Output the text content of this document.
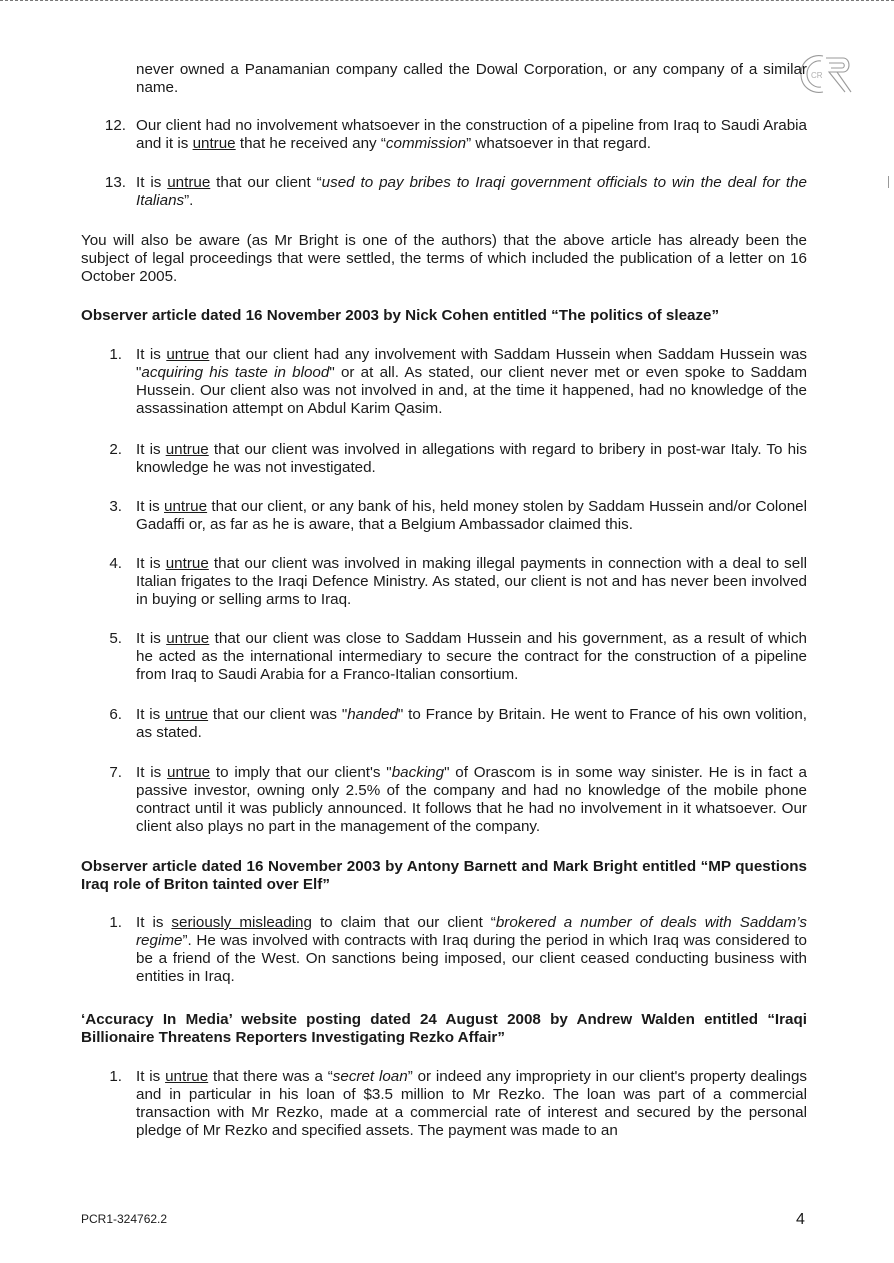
CR

never owned a Panamanian company called the Dowal Corporation, or any company of a similar name.

12. Our client had no involvement whatsoever in the construction of a pipeline from Iraq to Saudi Arabia and it is untrue that he received any “commission” whatsoever in that regard.

13. It is untrue that our client “used to pay bribes to Iraqi government officials to win the deal for the Italians”.

You will also be aware (as Mr Bright is one of the authors) that the above article has already been the subject of legal proceedings that were settled, the terms of which included the publication of a letter on 16 October 2005.

Observer article dated 16 November 2003 by Nick Cohen entitled “The politics of sleaze”

1. It is untrue that our client had any involvement with Saddam Hussein when Saddam Hussein was "acquiring his taste in blood" or at all. As stated, our client never met or even spoke to Saddam Hussein. Our client also was not involved in and, at the time it happened, had no knowledge of the assassination attempt on Abdul Karim Qasim.

2. It is untrue that our client was involved in allegations with regard to bribery in post-war Italy. To his knowledge he was not investigated.

3. It is untrue that our client, or any bank of his, held money stolen by Saddam Hussein and/or Colonel Gadaffi or, as far as he is aware, that a Belgium Ambassador claimed this.

4. It is untrue that our client was involved in making illegal payments in connection with a deal to sell Italian frigates to the Iraqi Defence Ministry. As stated, our client is not and has never been involved in buying or selling arms to Iraq.

5. It is untrue that our client was close to Saddam Hussein and his government, as a result of which he acted as the international intermediary to secure the contract for the construction of a pipeline from Iraq to Saudi Arabia for a Franco-Italian consortium.

6. It is untrue that our client was "handed" to France by Britain. He went to France of his own volition, as stated.

7. It is untrue to imply that our client's "backing" of Orascom is in some way sinister. He is in fact a passive investor, owning only 2.5% of the company and had no knowledge of the mobile phone contract until it was publicly announced. It follows that he had no involvement in it whatsoever. Our client also plays no part in the management of the company.

Observer article dated 16 November 2003 by Antony Barnett and Mark Bright entitled “MP questions Iraq role of Briton tainted over Elf”

1. It is seriously misleading to claim that our client “brokered a number of deals with Saddam’s regime”. He was involved with contracts with Iraq during the period in which Iraq was considered to be a friend of the West. On sanctions being imposed, our client ceased conducting business with entities in Iraq.

‘Accuracy In Media’ website posting dated 24 August 2008 by Andrew Walden entitled “Iraqi Billionaire Threatens Reporters Investigating Rezko Affair”

1. It is untrue that there was a “secret loan” or indeed any impropriety in our client's property dealings and in particular in his loan of $3.5 million to Mr Rezko. The loan was part of a commercial transaction with Mr Rezko, made at a commercial rate of interest and secured by the personal pledge of Mr Rezko and specified assets. The payment was made to an

PCR1-324762.2	4
